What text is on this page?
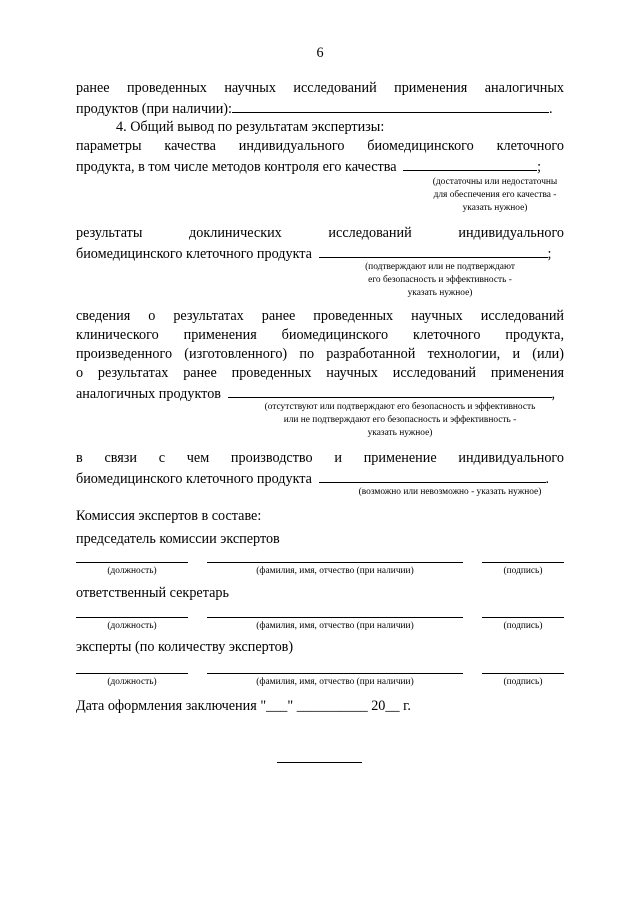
6
ранее проведенных научных исследований применения аналогичных
продуктов (при наличии):	.
4. Общий вывод по результатам экспертизы:
параметры качества индивидуального биомедицинского клеточного
продукта, в том числе методов контроля его качества	;
(достаточны или недостаточны
для обеспечения его качества -
указать нужное)
результаты доклинических исследований индивидуального
биомедицинского клеточного продукта	;
(подтверждают или не подтверждают
его безопасность и эффективность -
указать нужное)
сведения о результатах ранее проведенных научных исследований
клинического применения биомедицинского клеточного продукта,
произведенного (изготовленного) по разработанной технологии, и (или)
о результатах ранее проведенных научных исследований применения
аналогичных продуктов	,
(отсутствуют или подтверждают его безопасность и эффективность
или не подтверждают его безопасность и эффективность -
указать нужное)
в связи с чем производство и применение индивидуального
биомедицинского клеточного продукта	.
(возможно или невозможно - указать нужное)
Комиссия экспертов в составе:
председатель комиссии экспертов
(должность)	(фамилия, имя, отчество (при наличии)	(подпись)
ответственный секретарь
(должность)	(фамилия, имя, отчество (при наличии)	(подпись)
эксперты (по количеству экспертов)
(должность)	(фамилия, имя, отчество (при наличии)	(подпись)
Дата оформления заключения "___" __________ 20__ г.
